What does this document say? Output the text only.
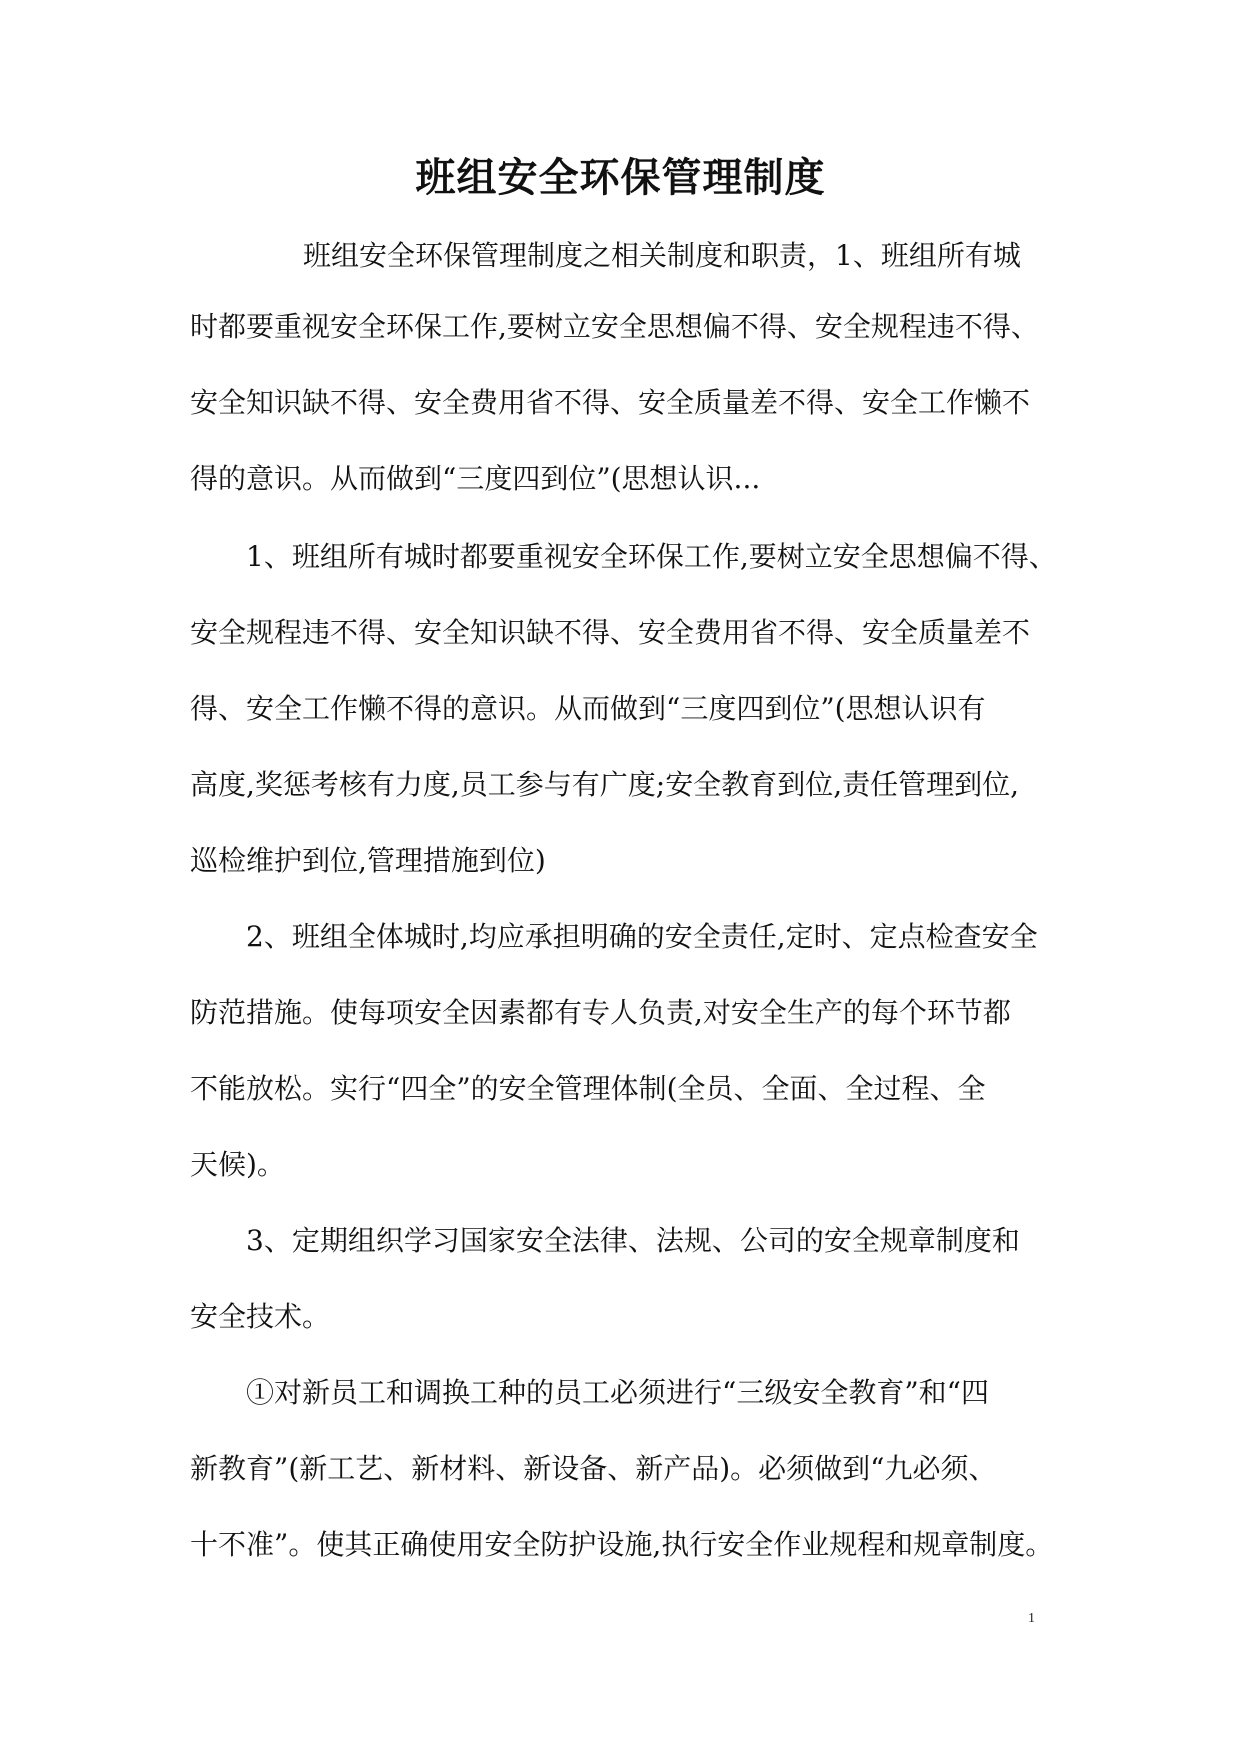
班组安全环保管理制度
班组安全环保管理制度之相关制度和职责，1、班组所有城
时都要重视安全环保工作,要树立安全思想偏不得、安全规程违不得、
安全知识缺不得、安全费用省不得、安全质量差不得、安全工作懒不
得的意识。从而做到“三度四到位”(思想认识...
1、班组所有城时都要重视安全环保工作,要树立安全思想偏不得、
安全规程违不得、安全知识缺不得、安全费用省不得、安全质量差不
得、安全工作懒不得的意识。从而做到“三度四到位”(思想认识有
高度,奖惩考核有力度,员工参与有广度;安全教育到位,责任管理到位,
巡检维护到位,管理措施到位)
2、班组全体城时,均应承担明确的安全责任,定时、定点检查安全
防范措施。使每项安全因素都有专人负责,对安全生产的每个环节都
不能放松。实行“四全”的安全管理体制(全员、全面、全过程、全
天候)。
3、定期组织学习国家安全法律、法规、公司的安全规章制度和
安全技术。
①对新员工和调换工种的员工必须进行“三级安全教育”和“四
新教育”(新工艺、新材料、新设备、新产品)。必须做到“九必须、
十不准”。使其正确使用安全防护设施,执行安全作业规程和规章制度。
1
